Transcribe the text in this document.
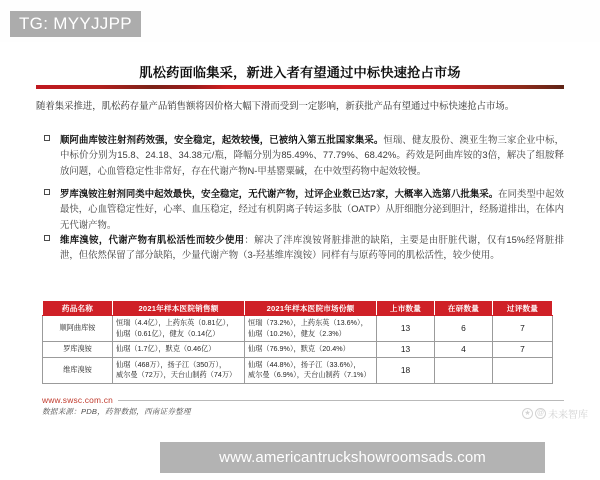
TG: MYYJJPP
肌松药面临集采，新进入者有望通过中标快速抢占市场
随着集采推进，肌松药存量产品销售额将因价格大幅下滑而受到一定影响，新获批产品有望通过中标快速抢占市场。
顺阿曲库铵注射剂药效强，安全稳定，起效较慢，已被纳入第五批国家集采。恒瑞、健友股份、澳亚生物三家企业中标，中标价分别为15.8、24.18、34.38元/瓶，降幅分别为85.49%、77.79%、68.42%。药效是阿曲库铵的3倍，解决了组胺释放问题，心血管稳定性非常好，存在代谢产物N-甲基罂粟碱，在中效型药物中起效较慢。
罗库溴铵注射剂同类中起效最快，安全稳定，无代谢产物，过评企业数已达7家，大概率入选第八批集采。在同类型中起效最快，心血管稳定性好，心率、血压稳定，经过有机阴离子转运多肽（OATP）从肝细胞分泌到胆汁，经肠道排出，在体内无代谢产物。
维库溴铵，代谢产物有肌松活性而较少使用：解决了泮库溴铵肾脏排泄的缺陷，主要是由肝脏代谢，仅有15%经肾脏排泄，但依然保留了部分缺陷，少量代谢产物（3-羟基维库溴铵）同样有与原药等同的肌松活性，较少使用。
药品名称	2021年样本医院销售额	2021年样本医院市场份额	上市数量	在研数量	过评数量
顺阿曲库铵	恒瑞（4.4亿），上药东英（0.81亿），
仙琚（0.61亿），健友（0.14亿）	恒瑞（73.2%），上药东英（13.6%），
仙琚（10.2%），健友（2.3%）	13	6	7
罗库溴铵	仙琚（1.7亿），默克（0.46亿）	仙琚（76.9%），默克（20.4%）	13	4	7
维库溴铵	仙琚（468万），扬子江（350万），
威尔曼（72万），天台山制药（74万）	仙琚（44.8%），扬子江（33.6%），
威尔曼（6.9%），天台山制药（7.1%）	18		
www.swsc.com.cn
数据来源：PDB，药智数据，西南证券整理	★ @ 未来智库
www.americantruckshowroomsads.com
